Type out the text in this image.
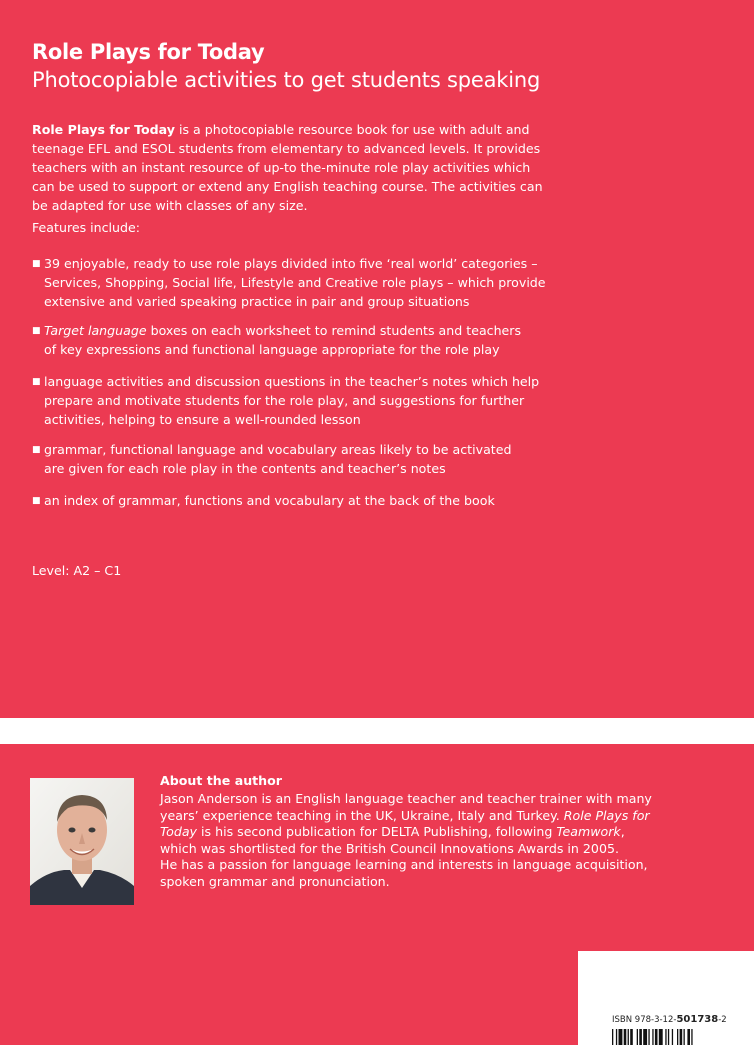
Role Plays for Today
Photocopiable activities to get students speaking
Role Plays for Today is a photocopiable resource book for use with adult and
teenage EFL and ESOL students from elementary to advanced levels. It provides
teachers with an instant resource of up-to the-minute role play activities which
can be used to support or extend any English teaching course. The activities can
be adapted for use with classes of any size.
Features include:
■ 39 enjoyable, ready to use role plays divided into five ‘real world’ categories –
Services, Shopping, Social life, Lifestyle and Creative role plays – which provide
extensive and varied speaking practice in pair and group situations
■ Target language boxes on each worksheet to remind students and teachers
of key expressions and functional language appropriate for the role play
■ language activities and discussion questions in the teacher’s notes which help
prepare and motivate students for the role play, and suggestions for further
activities, helping to ensure a well-rounded lesson
■ grammar, functional language and vocabulary areas likely to be activated
are given for each role play in the contents and teacher’s notes
■ an index of grammar, functions and vocabulary at the back of the book
Level: A2 – C1
About the author
Jason Anderson is an English language teacher and teacher trainer with many
years’ experience teaching in the UK, Ukraine, Italy and Turkey. Role Plays for
Today is his second publication for DELTA Publishing, following Teamwork,
which was shortlisted for the British Council Innovations Awards in 2005.
He has a passion for language learning and interests in language acquisition,
spoken grammar and pronunciation.
ISBN 978-3-12-501738-2
